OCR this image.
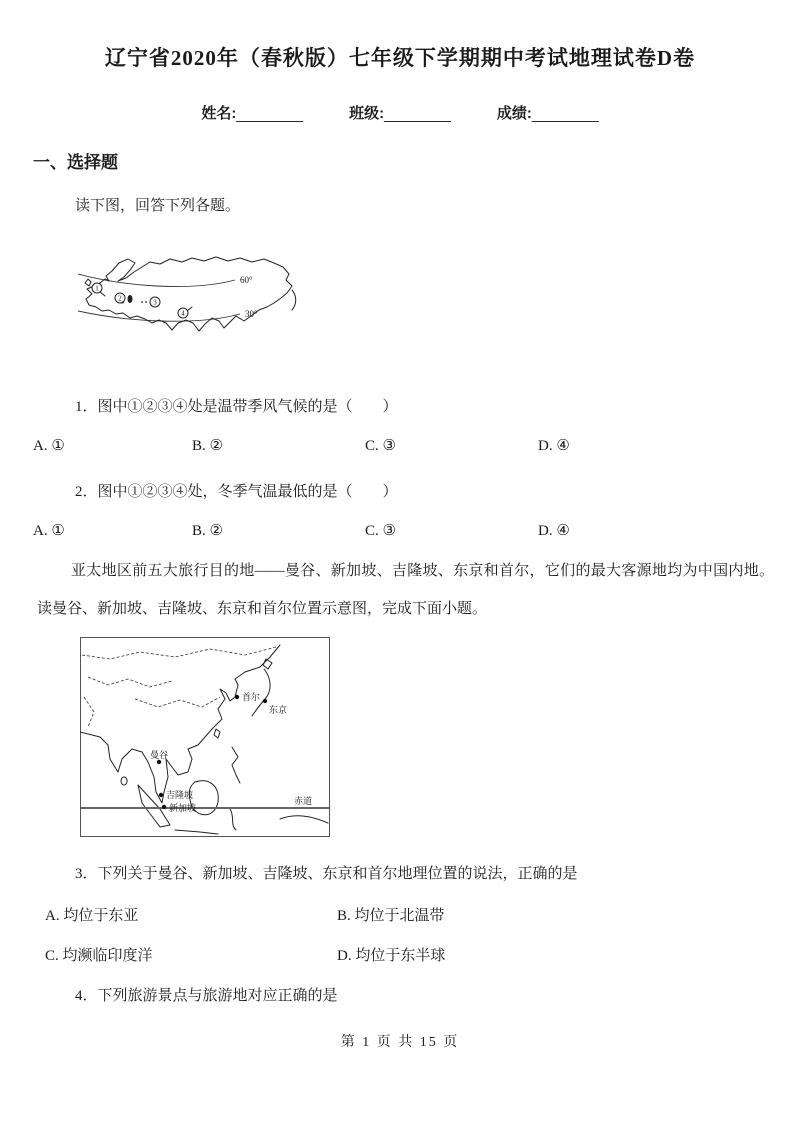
辽宁省2020年（春秋版）七年级下学期期中考试地理试卷D卷
姓名: ________	班级: ________	成绩: ________
一、选择题
读下图，回答下列各题。
1
2	3
4
60°
30°
1．图中①②③④处是温带季风气候的是（　　）
A. ①	B. ②	C. ③	D. ④
2．图中①②③④处，冬季气温最低的是（　　）
A. ①	B. ②	C. ③	D. ④
亚太地区前五大旅行目的地——曼谷、新加坡、吉隆坡、东京和首尔，它们的最大客源地均为中国内地。读曼谷、新加坡、吉隆坡、东京和首尔位置示意图，完成下面小题。
赤道
首尔
东京
曼谷
吉隆坡
新加坡
3．下列关于曼谷、新加坡、吉隆坡、东京和首尔地理位置的说法，正确的是
A. 均位于东亚	B. 均位于北温带
C. 均濒临印度洋	D. 均位于东半球
4．下列旅游景点与旅游地对应正确的是
第 1 页 共 15 页
